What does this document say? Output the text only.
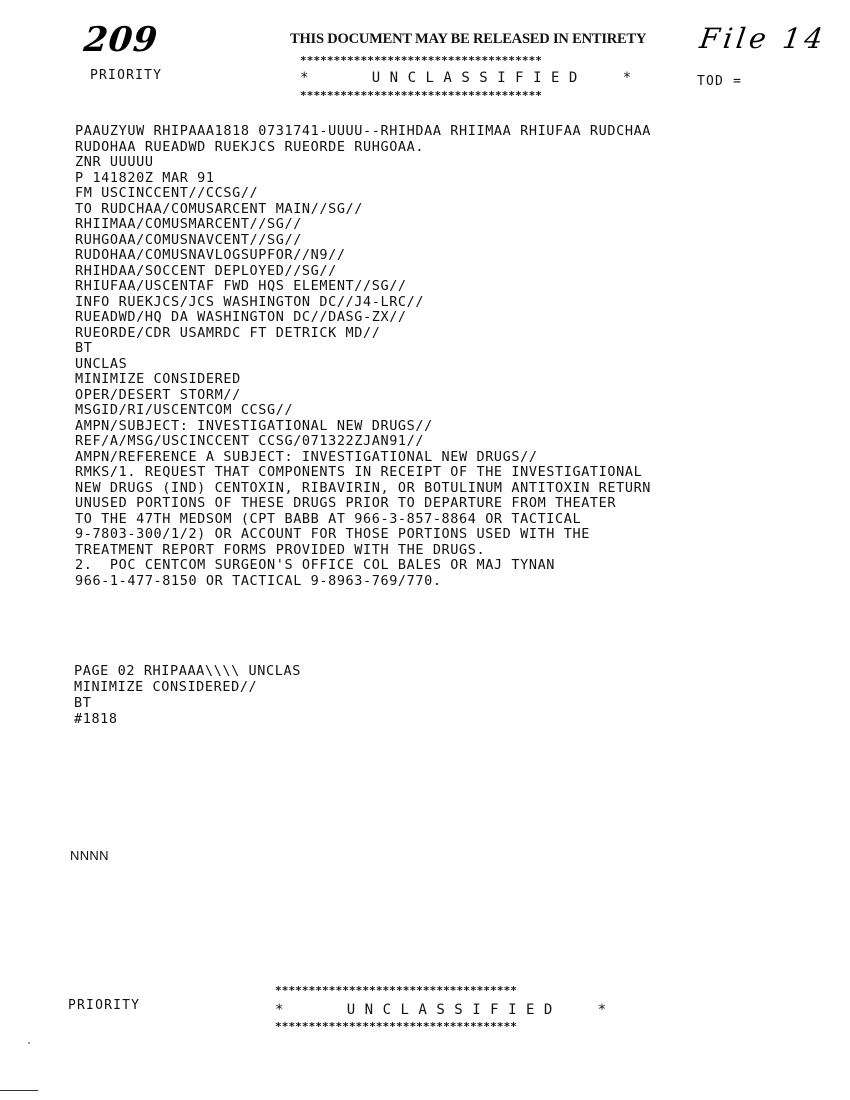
209	File 14
THIS DOCUMENT MAY BE RELEASED IN ENTIRETY
************************************
*   UNCLASSIFIED  *
************************************
PRIORITY	TOD =
PAAUZYUW RHIPAAA1818 0731741-UUUU--RHIHDAA RHIIMAA RHIUFAA RUDCHAA
RUDOHAA RUEADWD RUEKJCS RUEORDE RUHGOAA.
ZNR UUUUU
P 141820Z MAR 91
FM USCINCCENT//CCSG//
TO RUDCHAA/COMUSARCENT MAIN//SG//
RHIIMAA/COMUSMARCENT//SG//
RUHGOAA/COMUSNAVCENT//SG//
RUDOHAA/COMUSNAVLOGSUPFOR//N9//
RHIHDAA/SOCCENT DEPLOYED//SG//
RHIUFAA/USCENTAF FWD HQS ELEMENT//SG//
INFO RUEKJCS/JCS WASHINGTON DC//J4-LRC//
RUEADWD/HQ DA WASHINGTON DC//DASG-ZX//
RUEORDE/CDR USAMRDC FT DETRICK MD//
BT
UNCLAS
MINIMIZE CONSIDERED
OPER/DESERT STORM//
MSGID/RI/USCENTCOM CCSG//
AMPN/SUBJECT: INVESTIGATIONAL NEW DRUGS//
REF/A/MSG/USCINCCENT CCSG/071322ZJAN91//
AMPN/REFERENCE A SUBJECT: INVESTIGATIONAL NEW DRUGS//
RMKS/1. REQUEST THAT COMPONENTS IN RECEIPT OF THE INVESTIGATIONAL
NEW DRUGS (IND) CENTOXIN, RIBAVIRIN, OR BOTULINUM ANTITOXIN RETURN
UNUSED PORTIONS OF THESE DRUGS PRIOR TO DEPARTURE FROM THEATER
TO THE 47TH MEDSOM (CPT BABB AT 966-3-857-8864 OR TACTICAL
9-7803-300/1/2) OR ACCOUNT FOR THOSE PORTIONS USED WITH THE
TREATMENT REPORT FORMS PROVIDED WITH THE DRUGS.
2.  POC CENTCOM SURGEON'S OFFICE COL BALES OR MAJ TYNAN
966-1-477-8150 OR TACTICAL 9-8963-769/770.
PAGE 02 RHIPAAA\\\\ UNCLAS
MINIMIZE CONSIDERED//
BT
#1818
NNNN
************************************
*   UNCLASSIFIED  *
************************************
PRIORITY
